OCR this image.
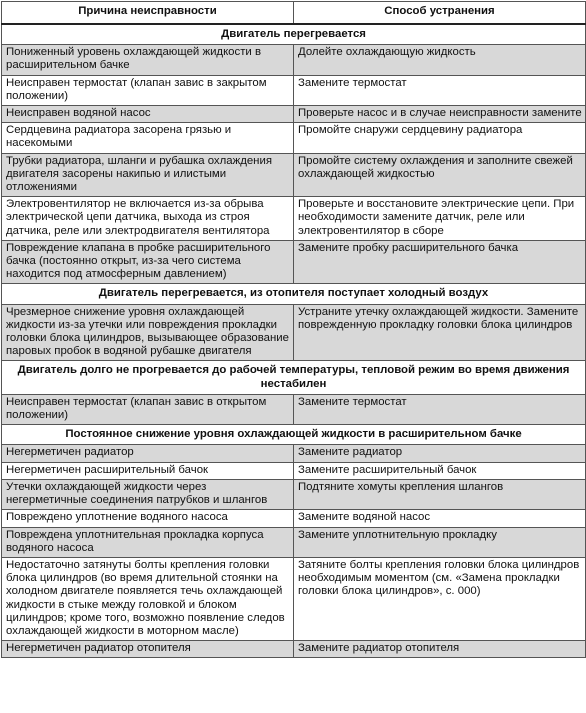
Причина неисправности	Способ устранения
Двигатель перегревается	
Пониженный уровень охлаждающей жидкости в расширительном бачке	Долейте охлаждающую жидкость
Неисправен термостат (клапан завис в закрытом положении)	Замените термостат
Неисправен водяной насос	Проверьте насос и в случае неисправности замените
Сердцевина радиатора засорена грязью и насекомыми	Промойте снаружи сердцевину радиатора
Трубки радиатора, шланги и рубашка охлаждения двигателя засорены накипью и илистыми отложениями	Промойте систему охлаждения и заполните свежей охлаждающей жидкостью
Электровентилятор не включается из-за обрыва электрической цепи датчика, выхода из строя датчика, реле или электродвигателя вентилятора	Проверьте и восстановите электрические цепи. При необходимости замените датчик, реле или электровентилятор в сборе
Повреждение клапана в пробке расширительного бачка (постоянно открыт, из-за чего система находится под атмосферным давлением)	Замените пробку расширительного бачка
Двигатель перегревается, из отопителя поступает холодный воздух	
Чрезмерное снижение уровня охлаждающей жидкости из-за утечки или повреждения прокладки головки блока цилиндров, вызывающее образование паровых пробок в водяной рубашке двигателя	Устраните утечку охлаждающей жидкости. Замените поврежденную прокладку головки блока цилиндров
Двигатель долго не прогревается до рабочей температуры, тепловой режим во время движения нестабилен	
Неисправен термостат (клапан завис в открытом положении)	Замените термостат
Постоянное снижение уровня охлаждающей жидкости в расширительном бачке	
Негерметичен радиатор	Замените радиатор
Негерметичен расширительный бачок	Замените расширительный бачок
Утечки охлаждающей жидкости через негерметичные соединения патрубков и шлангов	Подтяните хомуты крепления шлангов
Повреждено уплотнение водяного насоса	Замените водяной насос
Повреждена уплотнительная прокладка корпуса водяного насоса	Замените уплотнительную прокладку
Недостаточно затянуты болты крепления головки блока цилиндров (во время длительной стоянки на холодном двигателе появляется течь охлаждающей жидкости в стыке между головкой и блоком цилиндров; кроме того, возможно появление следов охлаждающей жидкости в моторном масле)	Затяните болты крепления головки блока цилиндров необходимым моментом (см. «Замена прокладки головки блока цилиндров», с. 000)
Негерметичен радиатор отопителя	Замените радиатор отопителя
